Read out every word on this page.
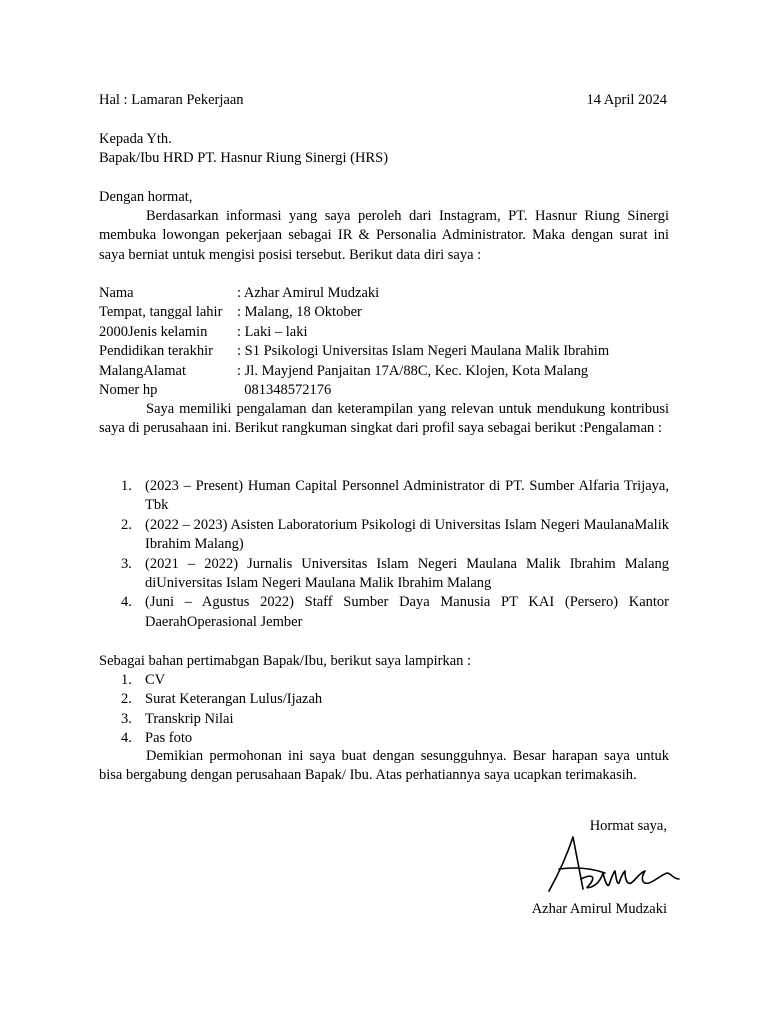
Hal : Lamaran Pekerjaan	14 April 2024
Kepada Yth.
Bapak/Ibu HRD PT. Hasnur Riung Sinergi (HRS)
Dengan hormat,

Berdasarkan informasi yang saya peroleh dari Instagram, PT. Hasnur Riung Sinergi membuka lowongan pekerjaan sebagai IR & Personalia Administrator. Maka dengan surat ini saya berniat untuk mengisi posisi tersebut. Berikut data diri saya :

Nama	: Azhar Amirul Mudzaki
Tempat, tanggal lahir : Malang, 18 Oktober
2000Jenis kelamin : Laki – laki
Pendidikan terakhir : S1 Psikologi Universitas Islam Negeri Maulana Malik Ibrahim
MalangAlamat	: Jl. Mayjend Panjaitan 17A/88C, Kec. Klojen, Kota Malang
Nomer hp	081348572176

Saya memiliki pengalaman dan keterampilan yang relevan untuk mendukung kontribusi saya di perusahaan ini. Berikut rangkuman singkat dari profil saya sebagai berikut :Pengalaman :

1. (2023 – Present) Human Capital Personnel Administrator di PT. Sumber Alfaria Trijaya, Tbk
2. (2022 – 2023) Asisten Laboratorium Psikologi di Universitas Islam Negeri MaulanaMalik Ibrahim Malang)
3. (2021 – 2022) Jurnalis Universitas Islam Negeri Maulana Malik Ibrahim Malang diUniversitas Islam Negeri Maulana Malik Ibrahim Malang
4. (Juni – Agustus 2022) Staff Sumber Daya Manusia PT KAI (Persero) Kantor DaerahOperasional Jember
Sebagai bahan pertimabgan Bapak/Ibu, berikut saya lampirkan :
1. CV
2. Surat Keterangan Lulus/Ijazah
3. Transkrip Nilai
4. Pas foto

Demikian permohonan ini saya buat dengan sesungguhnya. Besar harapan saya untuk bisa bergabung dengan perusahaan Bapak/ Ibu. Atas perhatiannya saya ucapkan terimakasih.

Hormat saya,
Azhar Amirul Mudzaki
